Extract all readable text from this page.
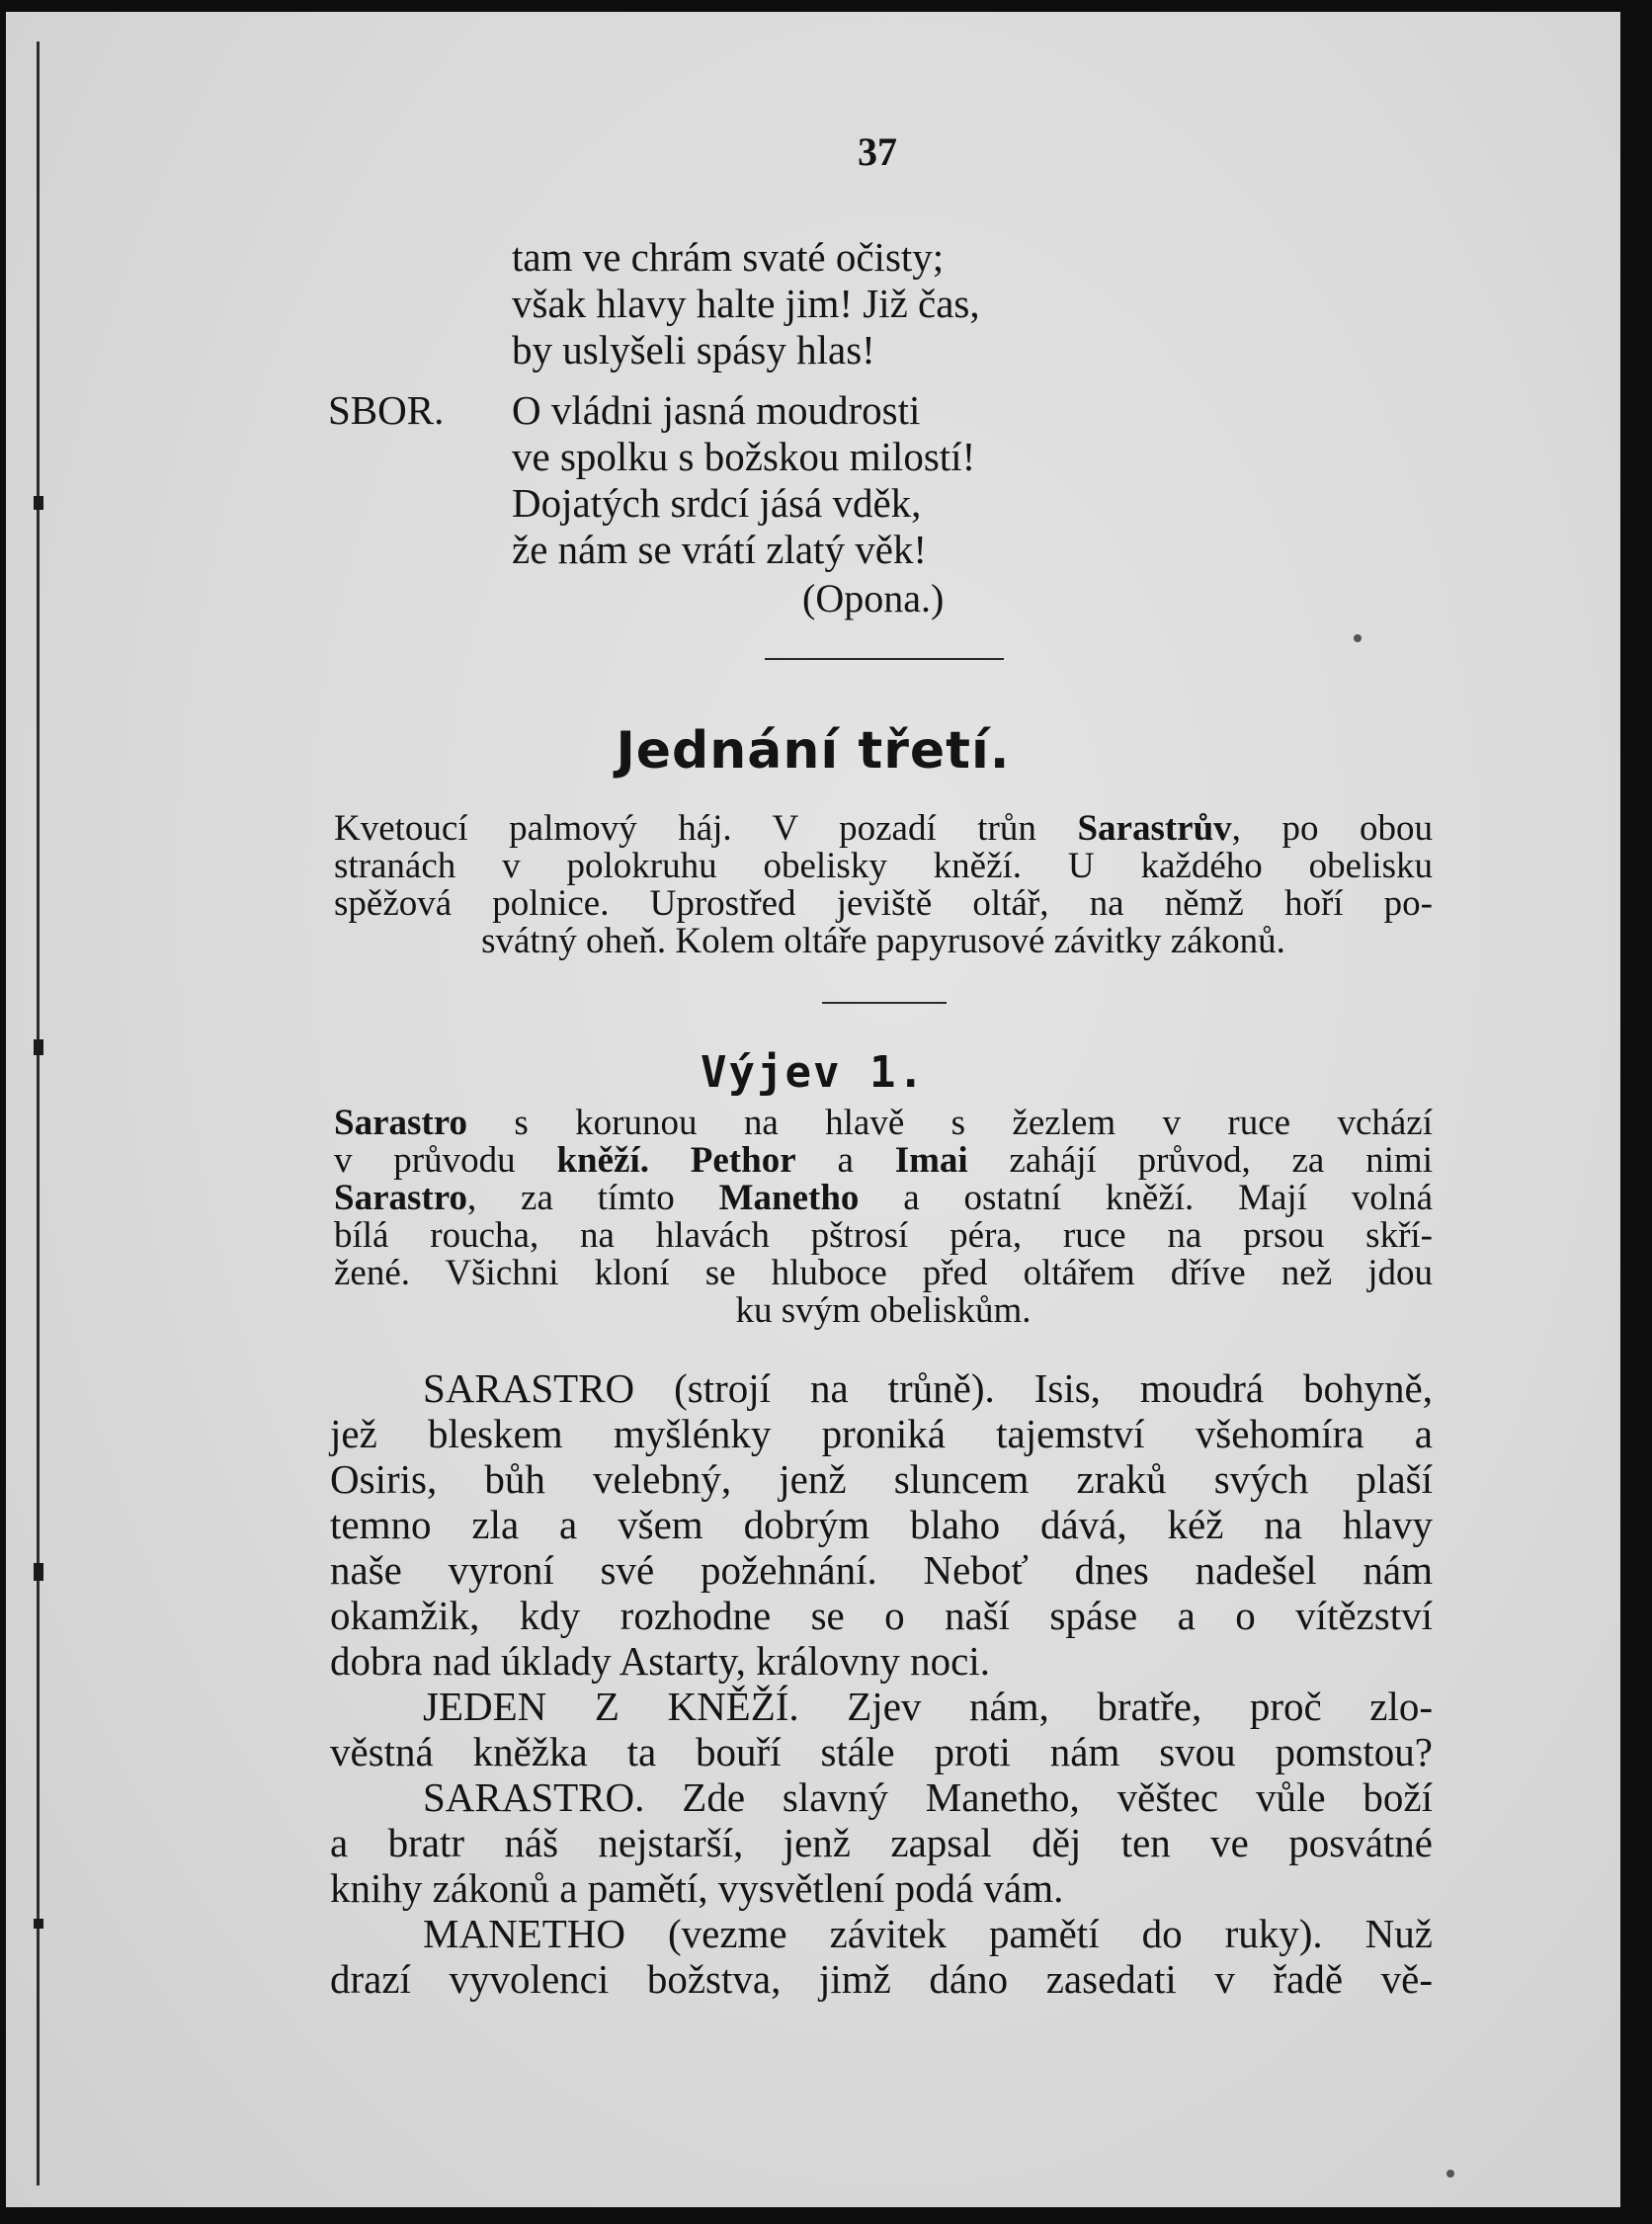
37
tam ve chrám svaté očisty;
však hlavy halte jim! Již čas,
by uslyšeli spásy hlas!
SBOR. O vládni jasná moudrosti
ve spolku s božskou milostí!
Dojatých srdcí jásá vděk,
že nám se vrátí zlatý věk!
(Opona.)
Jednání třetí.
Kvetoucí palmový háj. V pozadí trůn Sarastrův, po obou
stranách v polokruhu obelisky kněží. U každého obelisku
spěžová polnice. Uprostřed jeviště oltář, na němž hoří po-
svátný oheň. Kolem oltáře papyrusové závitky zákonů.
Výjev 1.
Sarastro s korunou na hlavě s žezlem v ruce vchází
v průvodu kněží. Pethor a Imai zahájí průvod, za nimi
Sarastro, za tímto Manetho a ostatní kněží. Mají volná
bílá roucha, na hlavách pštrosí péra, ruce na prsou skří-
žené. Všichni kloní se hluboce před oltářem dříve než jdou
ku svým obeliskům.
SARASTRO (strojí na trůně). Isis, moudrá bohyně,
jež bleskem myšlénky proniká tajemství všehomíra a
Osiris, bůh velebný, jenž sluncem zraků svých plaší
temno zla a všem dobrým blaho dává, kéž na hlavy
naše vyroní své požehnání. Neboť dnes nadešel nám
okamžik, kdy rozhodne se o naší spáse a o vítězství
dobra nad úklady Astarty, královny noci.
JEDEN Z KNĚŽÍ. Zjev nám, bratře, proč zlo-
věstná kněžka ta bouří stále proti nám svou pomstou?
SARASTRO. Zde slavný Manetho, věštec vůle boží
a bratr náš nejstarší, jenž zapsal děj ten ve posvátné
knihy zákonů a pamětí, vysvětlení podá vám.
MANETHO (vezme závitek pamětí do ruky). Nuž
drazí vyvolenci božstva, jimž dáno zasedati v řadě vě-
